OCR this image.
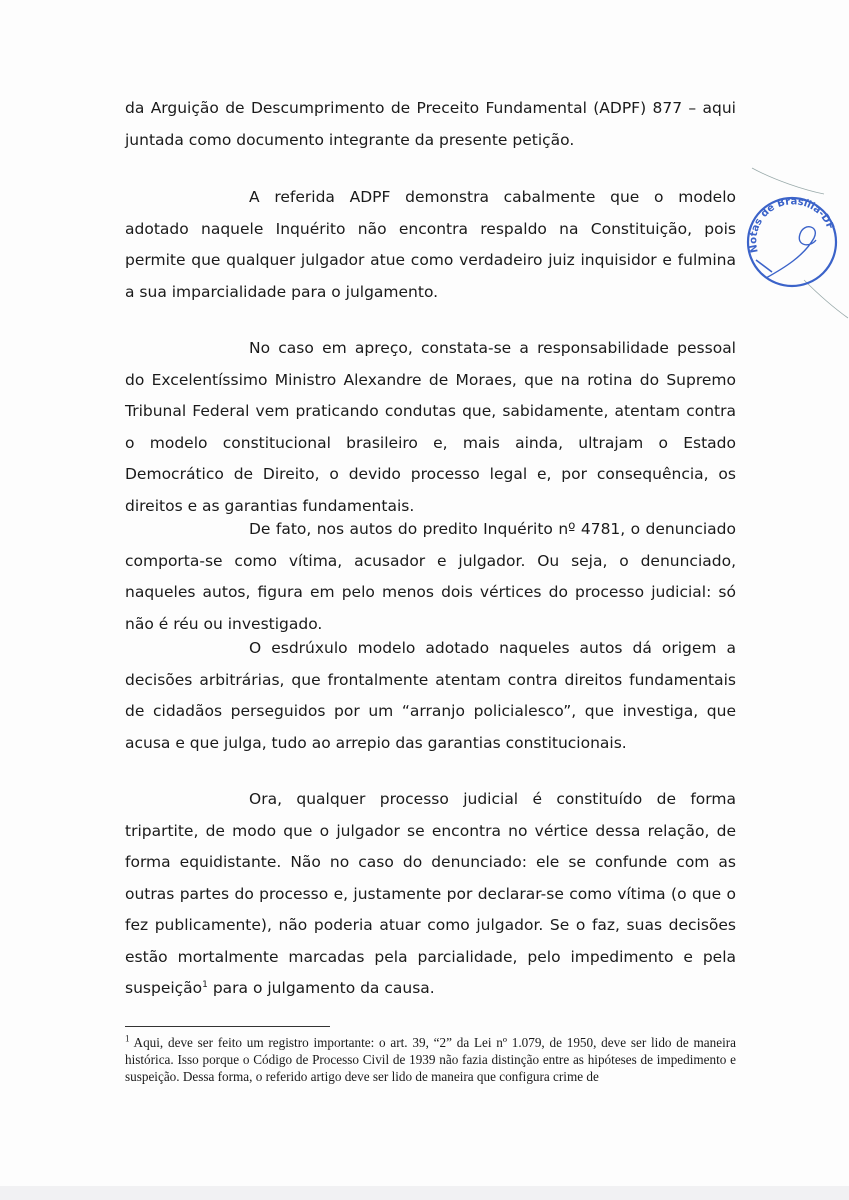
da Arguição de Descumprimento de Preceito Fundamental (ADPF) 877 – aqui juntada como documento integrante da presente petição.

A referida ADPF demonstra cabalmente que o modelo adotado naquele Inquérito não encontra respaldo na Constituição, pois permite que qualquer julgador atue como verdadeiro juiz inquisidor e fulmina a sua imparcialidade para o julgamento.

No caso em apreço, constata-se a responsabilidade pessoal do Excelentíssimo Ministro Alexandre de Moraes, que na rotina do Supremo Tribunal Federal vem praticando condutas que, sabidamente, atentam contra o modelo constitucional brasileiro e, mais ainda, ultrajam o Estado Democrático de Direito, o devido processo legal e, por consequência, os direitos e as garantias fundamentais.

De fato, nos autos do predito Inquérito nº 4781, o denunciado comporta-se como vítima, acusador e julgador. Ou seja, o denunciado, naqueles autos, figura em pelo menos dois vértices do processo judicial: só não é réu ou investigado.

O esdrúxulo modelo adotado naqueles autos dá origem a decisões arbitrárias, que frontalmente atentam contra direitos fundamentais de cidadãos perseguidos por um “arranjo policialesco”, que investiga, que acusa e que julga, tudo ao arrepio das garantias constitucionais.

Ora, qualquer processo judicial é constituído de forma tripartite, de modo que o julgador se encontra no vértice dessa relação, de forma equidistante. Não no caso do denunciado: ele se confunde com as outras partes do processo e, justamente por declarar-se como vítima (o que o fez publicamente), não poderia atuar como julgador. Se o faz, suas decisões estão mortalmente marcadas pela parcialidade, pelo impedimento e pela suspeição$^1$ para o julgamento da causa.

$^1$ Aqui, deve ser feito um registro importante: o art. 39, “2” da Lei nº 1.079, de 1950, deve ser lido de maneira histórica. Isso porque o Código de Processo Civil de 1939 não fazia distinção entre as hipóteses de impedimento e suspeição. Dessa forma, o referido artigo deve ser lido de maneira que configura crime de

Notas de Brasília-DF
